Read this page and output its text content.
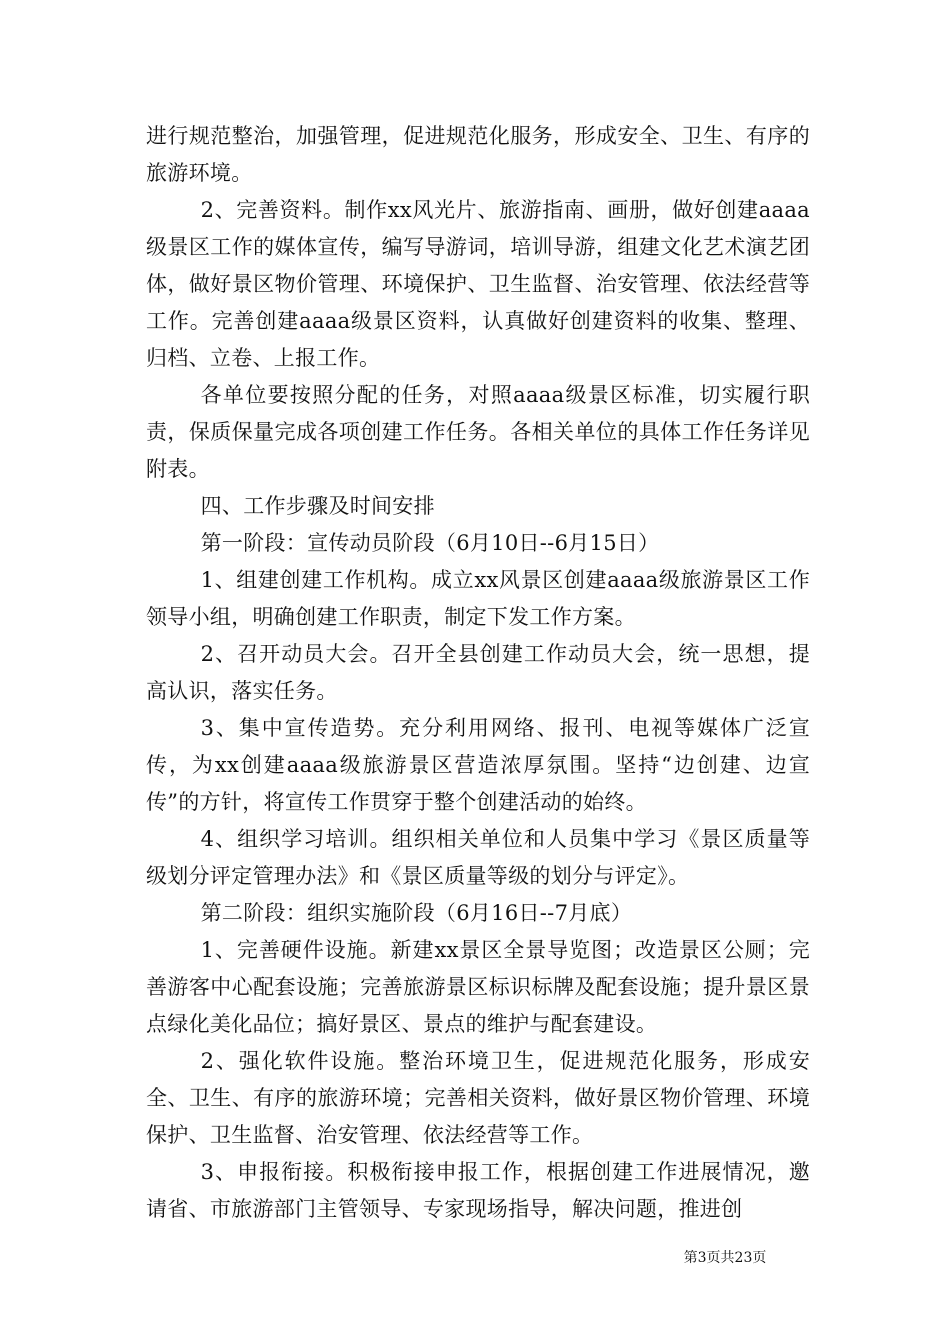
进行规范整治，加强管理，促进规范化服务，形成安全、卫生、有序的旅游环境。

2、完善资料。制作xx风光片、旅游指南、画册，做好创建aaaa级景区工作的媒体宣传，编写导游词，培训导游，组建文化艺术演艺团体，做好景区物价管理、环境保护、卫生监督、治安管理、依法经营等工作。完善创建aaaa级景区资料，认真做好创建资料的收集、整理、归档、立卷、上报工作。

各单位要按照分配的任务，对照aaaa级景区标准，切实履行职责，保质保量完成各项创建工作任务。各相关单位的具体工作任务详见附表。

四、工作步骤及时间安排

第一阶段：宣传动员阶段（6月10日--6月15日）

1、组建创建工作机构。成立xx风景区创建aaaa级旅游景区工作领导小组，明确创建工作职责，制定下发工作方案。

2、召开动员大会。召开全县创建工作动员大会，统一思想，提高认识，落实任务。

3、集中宣传造势。充分利用网络、报刊、电视等媒体广泛宣传，为xx创建aaaa级旅游景区营造浓厚氛围。坚持“边创建、边宣传”的方针，将宣传工作贯穿于整个创建活动的始终。

4、组织学习培训。组织相关单位和人员集中学习《景区质量等级划分评定管理办法》和《景区质量等级的划分与评定》。

第二阶段：组织实施阶段（6月16日--7月底）

1、完善硬件设施。新建xx景区全景导览图；改造景区公厕；完善游客中心配套设施；完善旅游景区标识标牌及配套设施；提升景区景点绿化美化品位；搞好景区、景点的维护与配套建设。

2、强化软件设施。整治环境卫生，促进规范化服务，形成安全、卫生、有序的旅游环境；完善相关资料，做好景区物价管理、环境保护、卫生监督、治安管理、依法经营等工作。

3、申报衔接。积极衔接申报工作，根据创建工作进展情况，邀请省、市旅游部门主管领导、专家现场指导，解决问题，推进创

第3页共23页
